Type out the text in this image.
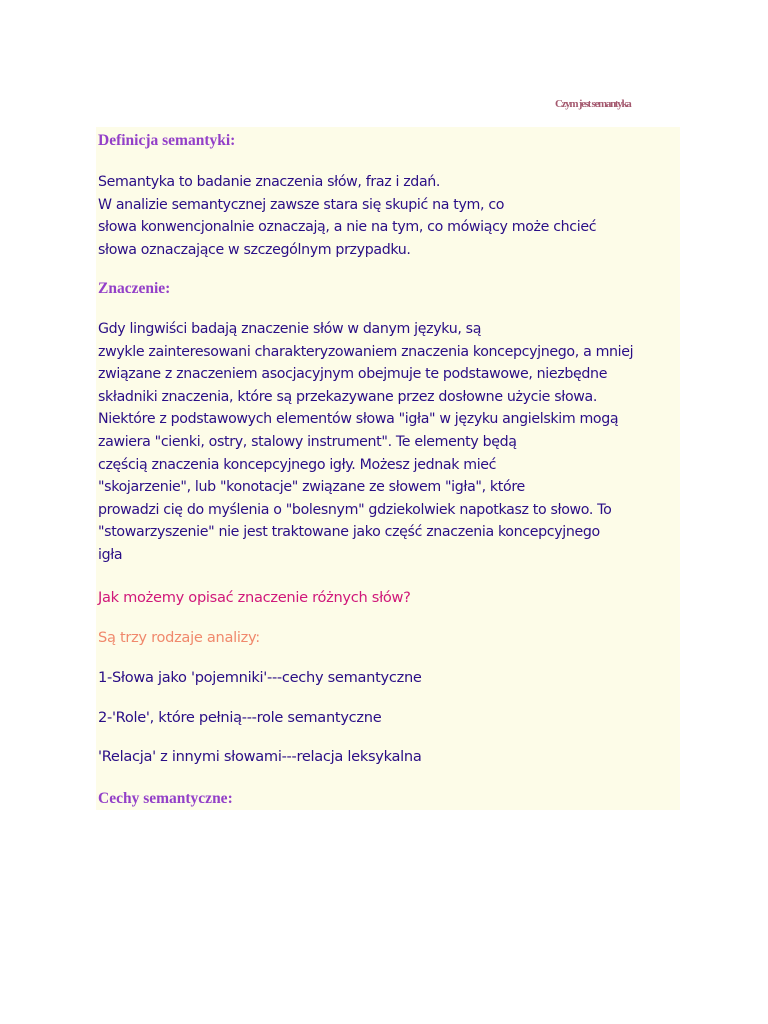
Czym jest semantyka
Definicja semantyki:
Semantyka to badanie znaczenia słów, fraz i zdań.
W analizie semantycznej zawsze stara się skupić na tym, co
słowa konwencjonalnie oznaczają, a nie na tym, co mówiący może chcieć
słowa oznaczające w szczególnym przypadku.
Znaczenie:
Gdy lingwiści badają znaczenie słów w danym języku, są
zwykle zainteresowani charakteryzowaniem znaczenia koncepcyjnego, a mniej
związane z znaczeniem asocjacyjnym obejmuje te podstawowe, niezbędne
składniki znaczenia, które są przekazywane przez dosłowne użycie słowa.
Niektóre z podstawowych elementów słowa "igła" w języku angielskim mogą
zawiera "cienki, ostry, stalowy instrument". Te elementy będą
częścią znaczenia koncepcyjnego igły. Możesz jednak mieć
"skojarzenie", lub "konotacje" związane ze słowem "igła", które
prowadzi cię do myślenia o "bolesnym" gdziekolwiek napotkasz to słowo. To
"stowarzyszenie" nie jest traktowane jako część znaczenia koncepcyjnego
igła
Jak możemy opisać znaczenie różnych słów?
Są trzy rodzaje analizy:
1-Słowa jako 'pojemniki'---cechy semantyczne
2-'Role', które pełnią---role semantyczne
'Relacja' z innymi słowami---relacja leksykalna
Cechy semantyczne:
